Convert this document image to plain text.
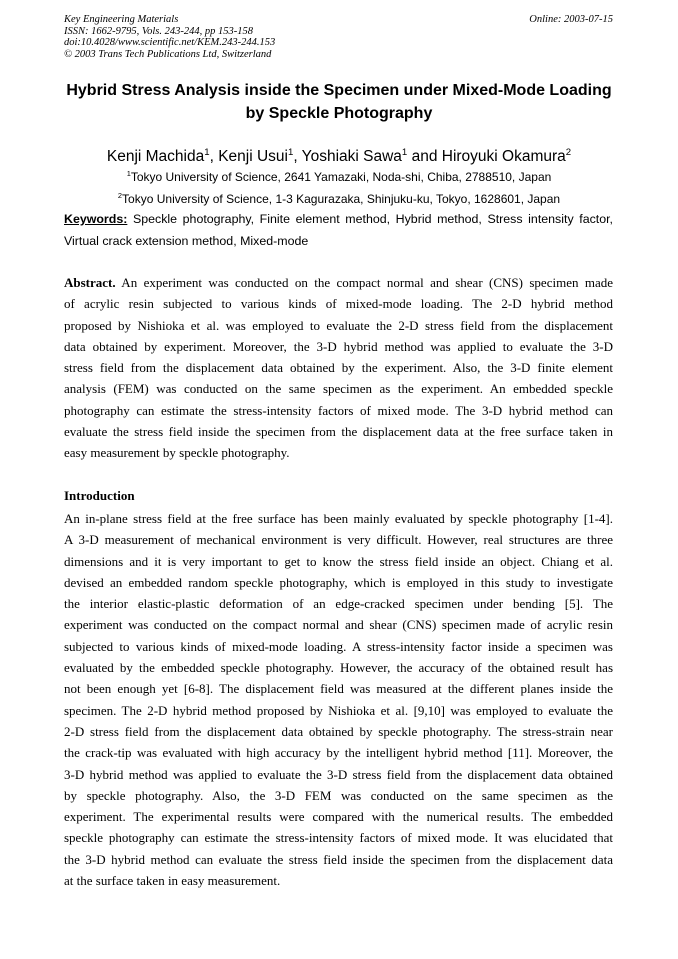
Key Engineering Materials
ISSN: 1662-9795, Vols. 243-244, pp 153-158
doi:10.4028/www.scientific.net/KEM.243-244.153
© 2003 Trans Tech Publications Ltd, Switzerland
Online: 2003-07-15
Hybrid Stress Analysis inside the Specimen under Mixed-Mode Loading
by Speckle Photography
Kenji Machida$^1$, Kenji Usui$^1$, Yoshiaki Sawa$^1$ and Hiroyuki Okamura$^2$
$^1$Tokyo University of Science, 2641 Yamazaki, Noda-shi, Chiba, 2788510, Japan
$^2$Tokyo University of Science, 1-3 Kagurazaka, Shinjuku-ku, Tokyo, 1628601, Japan
Keywords: Speckle photography, Finite element method, Hybrid method, Stress intensity factor,
Virtual crack extension method, Mixed-mode
Abstract. An experiment was conducted on the compact normal and shear (CNS) specimen made
of acrylic resin subjected to various kinds of mixed-mode loading. The 2-D hybrid method
proposed by Nishioka et al. was employed to evaluate the 2-D stress field from the displacement
data obtained by experiment. Moreover, the 3-D hybrid method was applied to evaluate the 3-D
stress field from the displacement data obtained by the experiment. Also, the 3-D finite element
analysis (FEM) was conducted on the same specimen as the experiment. An embedded speckle
photography can estimate the stress-intensity factors of mixed mode. The 3-D hybrid method can
evaluate the stress field inside the specimen from the displacement data at the free surface taken in
easy measurement by speckle photography.
Introduction
An in-plane stress field at the free surface has been mainly evaluated by speckle photography [1-4].
A 3-D measurement of mechanical environment is very difficult. However, real structures are three
dimensions and it is very important to get to know the stress field inside an object. Chiang et al.
devised an embedded random speckle photography, which is employed in this study to investigate
the interior elastic-plastic deformation of an edge-cracked specimen under bending [5]. The
experiment was conducted on the compact normal and shear (CNS) specimen made of acrylic resin
subjected to various kinds of mixed-mode loading. A stress-intensity factor inside a specimen was
evaluated by the embedded speckle photography. However, the accuracy of the obtained result has
not been enough yet [6-8]. The displacement field was measured at the different planes inside the
specimen. The 2-D hybrid method proposed by Nishioka et al. [9,10] was employed to evaluate the
2-D stress field from the displacement data obtained by speckle photography. The stress-strain near
the crack-tip was evaluated with high accuracy by the intelligent hybrid method [11]. Moreover, the
3-D hybrid method was applied to evaluate the 3-D stress field from the displacement data obtained
by speckle photography. Also, the 3-D FEM was conducted on the same specimen as the
experiment. The experimental results were compared with the numerical results. The embedded
speckle photography can estimate the stress-intensity factors of mixed mode. It was elucidated that
the 3-D hybrid method can evaluate the stress field inside the specimen from the displacement data
at the surface taken in easy measurement.
